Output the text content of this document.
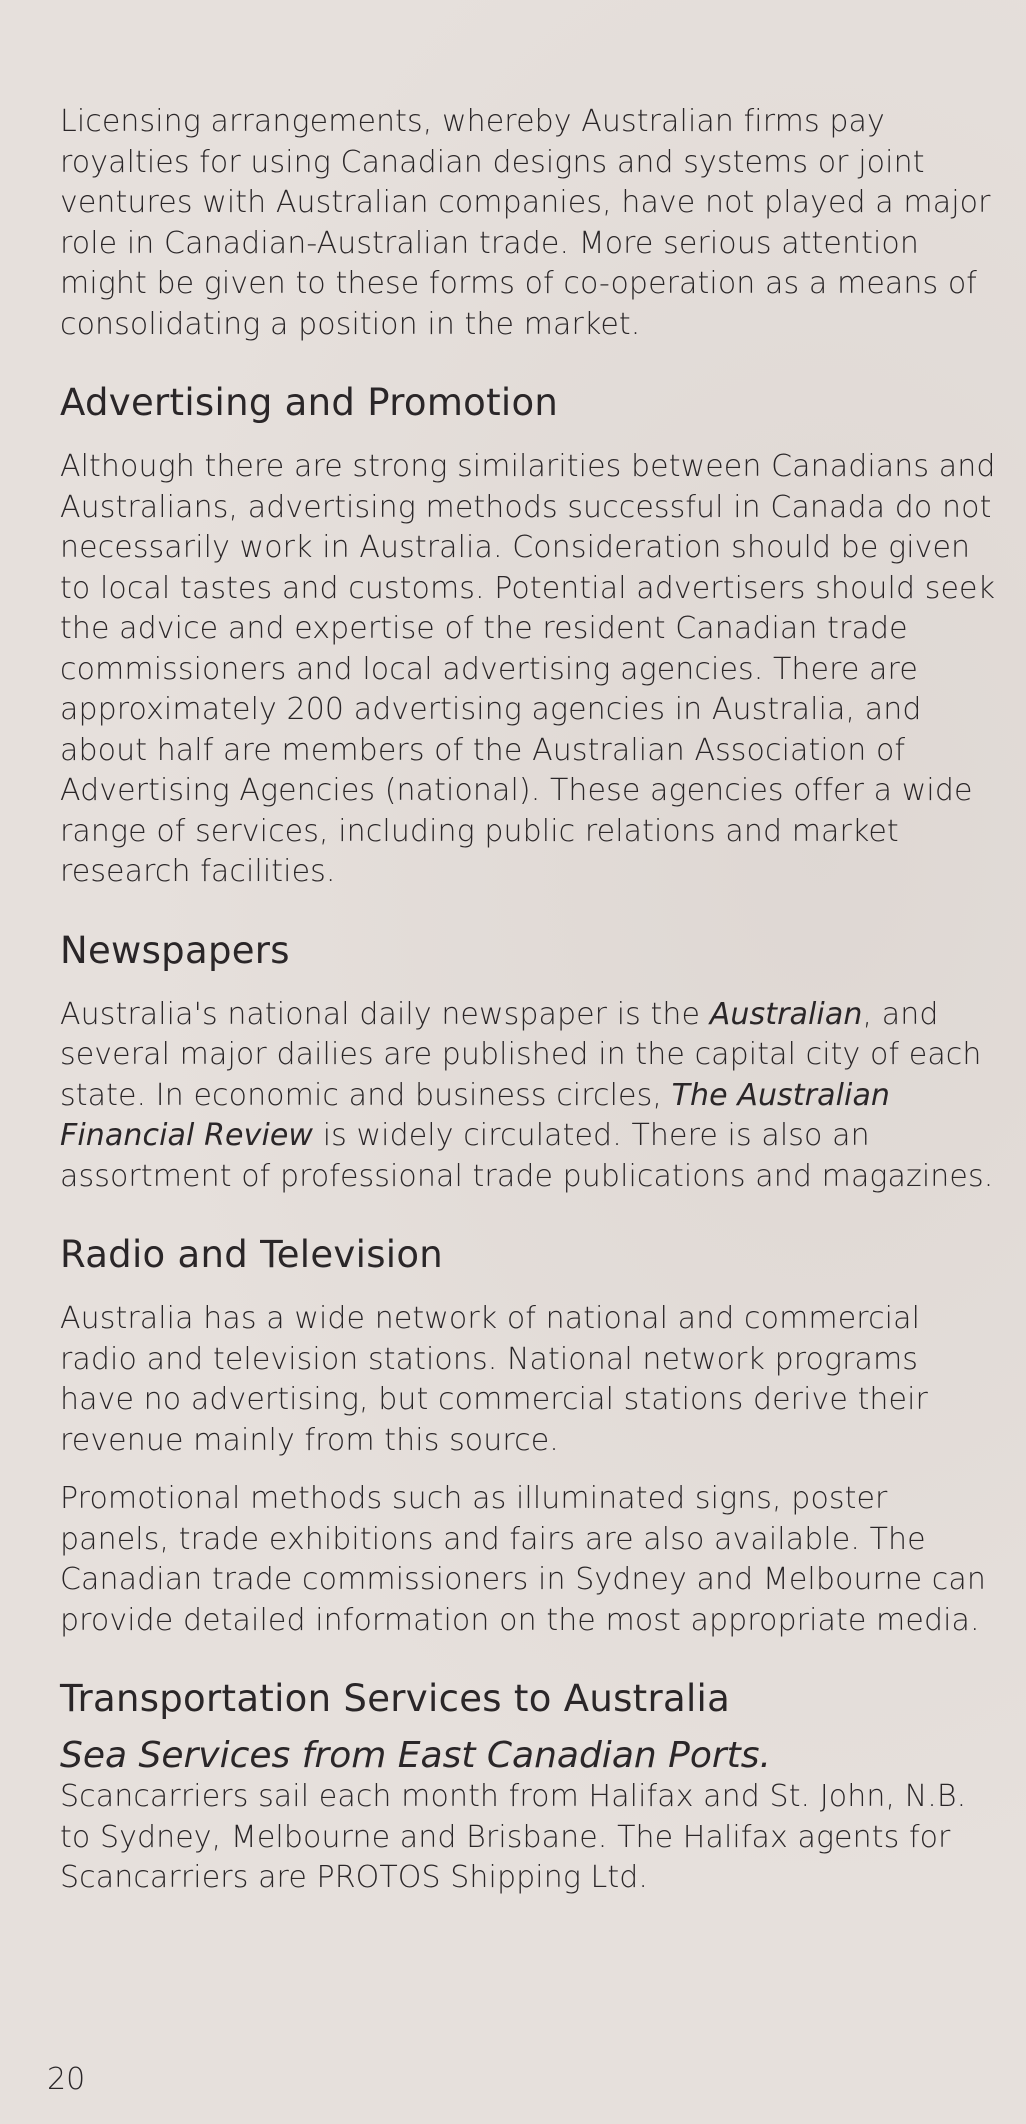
Licensing arrangements, whereby Australian firms pay royalties for using Canadian designs and systems or joint ventures with Australian companies, have not played a major role in Canadian-Australian trade. More serious attention might be given to these forms of co-operation as a means of consolidating a position in the market.

Advertising and Promotion

Although there are strong similarities between Canadians and Australians, advertising methods successful in Canada do not necessarily work in Australia. Consideration should be given to local tastes and customs. Potential advertisers should seek the advice and expertise of the resident Canadian trade commissioners and local advertising agencies. There are approximately 200 advertising agencies in Australia, and about half are members of the Australian Association of Advertising Agencies (national). These agencies offer a wide range of services, including public relations and market research facilities.

Newspapers

Australia's national daily newspaper is the Australian, and several major dailies are published in the capital city of each state. In economic and business circles, The Australian Financial Review is widely circulated. There is also an assortment of professional trade publications and magazines.

Radio and Television

Australia has a wide network of national and commercial radio and television stations. National network programs have no advertising, but commercial stations derive their revenue mainly from this source.

Promotional methods such as illuminated signs, poster panels, trade exhibitions and fairs are also available. The Canadian trade commissioners in Sydney and Melbourne can provide detailed information on the most appropriate media.

Transportation Services to Australia
Sea Services from East Canadian Ports.

Scancarriers sail each month from Halifax and St. John, N.B. to Sydney, Melbourne and Brisbane. The Halifax agents for Scancarriers are PROTOS Shipping Ltd.

20
